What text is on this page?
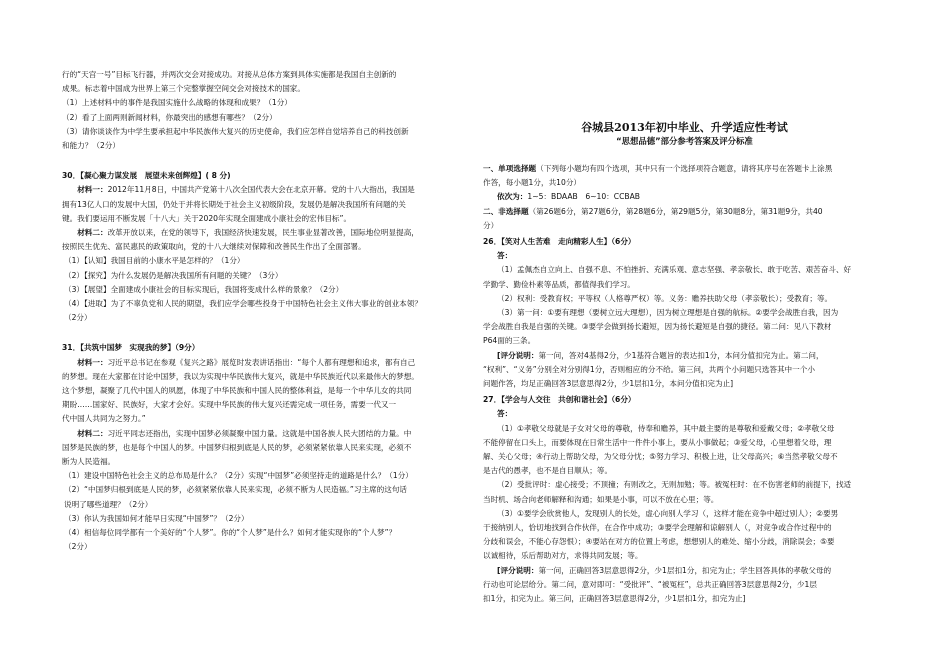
行的“天宫一号”目标飞行器，并两次交会对接成功。对接从总体方案到具体实施都是我国自主创新的

成果。标志着中国成为世界上第三个完整掌握空间交会对接技术的国家。

（1）上述材料中的事件是我国实施什么战略的体现和成果？（1分）

（2）看了上面两则新闻材料，你最突出的感想有哪些？（2分）

（3）请你谈谈作为中学生要承担起中华民族伟大复兴的历史使命，我们应怎样自觉培养自己的科技创新

和能力？（2分）

30．【凝心聚力谋发展　展望未来创辉煌】( 8 分)

材料一：2012年11月8日，中国共产党第十八次全国代表大会在北京开幕。党的十八大指出，我国是

拥有13亿人口的发展中大国，仍处于并将长期处于社会主义初级阶段，发展仍是解决我国所有问题的关

键。我们要运用不断发展「十八大」关于2020年实现全面建成小康社会的宏伟目标”。

材料二：改革开放以来，在党的领导下，我国经济快速发展，民生事业显著改善，国际地位明显提高，

按照民生优先、富民惠民的政策取向，党的十八大继续对保障和改善民生作出了全面部署。

（1）【认知】我国目前的小康水平是怎样的？（1分）

（2）【探究】为什么发展仍是解决我国所有问题的关键？（3分）

（3）【展望】全面建成小康社会的目标实现后，我国将变成什么样的景象？（2分）

（4）【进取】为了不辜负党和人民的期望，我们应学会哪些投身于中国特色社会主义伟大事业的创业本领？

（2分）

31．【共筑中国梦　实现我的梦】（9分）

材料一：习近平总书记在参观《复兴之路》展览时发表讲话指出：“每个人都有理想和追求，都有自己

的梦想。现在大家都在讨论中国梦，我以为实现中华民族伟大复兴，就是中华民族近代以来最伟大的梦想。

这个梦想，凝聚了几代中国人的夙愿，体现了中华民族和中国人民的整体利益，是每一个中华儿女的共同

期盼……国家好、民族好，大家才会好。实现中华民族的伟大复兴还需完成一项任务，需要一代又一

代中国人共同为之努力。”

材料二：习近平同志还指出，实现中国梦必须凝聚中国力量。这就是中国各族人民大团结的力量。中

国梦是民族的梦，也是每个中国人的梦。中国梦归根到底是人民的梦，必须紧紧依靠人民来实现，必须不

断为人民造福。

（1）建设中国特色社会主义的总布局是什么？（2分）实现“中国梦”必须坚持走的道路是什么？（1分）

（2）“中国梦归根到底是人民的梦，必须紧紧依靠人民来实现，必须不断为人民造福。”习主席的这句话

说明了哪些道理？（2分）

（3）你认为我国如何才能早日实现“中国梦”？（2分）

（4）相信每位同学都有一个美好的“个人梦”。你的“个人梦”是什么？如何才能实现你的“个人梦”？

（2分）

谷城县2013年初中毕业、升学适应性考试

“思想品德”部分参考答案及评分标准

一、单项选择题（下列每小题均有四个选项，其中只有一个选择项符合题意，请将其序号在答题卡上涂黑

作答，每小题1分，共10分）

依次为：1~5：BDAAB　6~10：CCBAB

二、非选择题（第26题6分，第27题6分，第28题6分，第29题5分，第30题8分，第31题9分，共40

分）

26．【笑对人生苦难　走向精彩人生】（6分）

答：

（1）孟佩杰自立向上、自强不息、不怕挫折、充满乐观、意志坚强、孝亲敬长、敢于吃苦、艰苦奋斗、好

学勤学、勤俭朴素等品质，都值得我们学习。

（2）权利：受教育权；平等权（人格尊严权）等。义务：赡养扶助父母（孝亲敬长）；受教育；等。

（3）第一问：①要有理想（要树立远大理想），因为树立理想是自强的航标。②要学会战胜自我，因为

学会战胜自我是自强的关键。③要学会做到扬长避短，因为扬长避短是自强的捷径。第二问：见八下教材

P64面的三条。

[评分说明：第一问，答对4基得2分，少1基符合题旨的表达扣1分，本问分值扣完为止。第二问，

“权利”、“义务”分别全对分别得1分，否则相应的分不给。第三问，共两个小问题只选答其中一个小

问题作答，均足正确回答3层意思得2分，少1层扣1分，本问分值扣完为止]

27．【学会与人交往　共创和谐社会】（6分）

答：

（1）①孝敬父母就是子女对父母的尊敬，侍奉和赡养，其中最主要的是尊敬和爱戴父母；②孝敬父母

不能停留在口头上，而要体现在日常生活中一件件小事上，要从小事做起；③爱父母，心里想着父母，理

解、关心父母；④行动上帮助父母，为父母分忧；⑤努力学习、积极上进，让父母高兴；⑥当然孝敬父母不

是古代的愚孝，也不是自目顺从；等。

（2）受批评时：虚心接受；不顶撞；有则改之，无则加勉；等。被冤枉时：在不伤害老师的前提下，找适

当时机、场合向老师解释和沟通；如果是小事，可以不放在心里；等。

（3）①要学会欣赏他人，发现别人的长处，虚心向别人学习（，这样才能在竞争中超过别人）；②要男

于接纳别人，恰切地找到合作伙伴，在合作中成功；③要学会理解和谅解别人（，对竞争或合作过程中的

分歧和误会，不能心存怨恨）；④要站在对方的位置上考虑，想想别人的难处、缩小分歧，消除误会；⑤要

以诚相待，乐后帮助对方，求得共同发展；等。

[评分说明：第一问，正确回答3层意思得2分，少1层扣1分，扣完为止；学生回答具体的孝敬父母的

行动也可论层给分。第二问，意对即可：“受批评”、“被冤枉”，总共正确回答3层意思得2分，少1层

扣1分，扣完为止。第三问，正确回答3层意思得2分，少1层扣1分，扣完为止]
